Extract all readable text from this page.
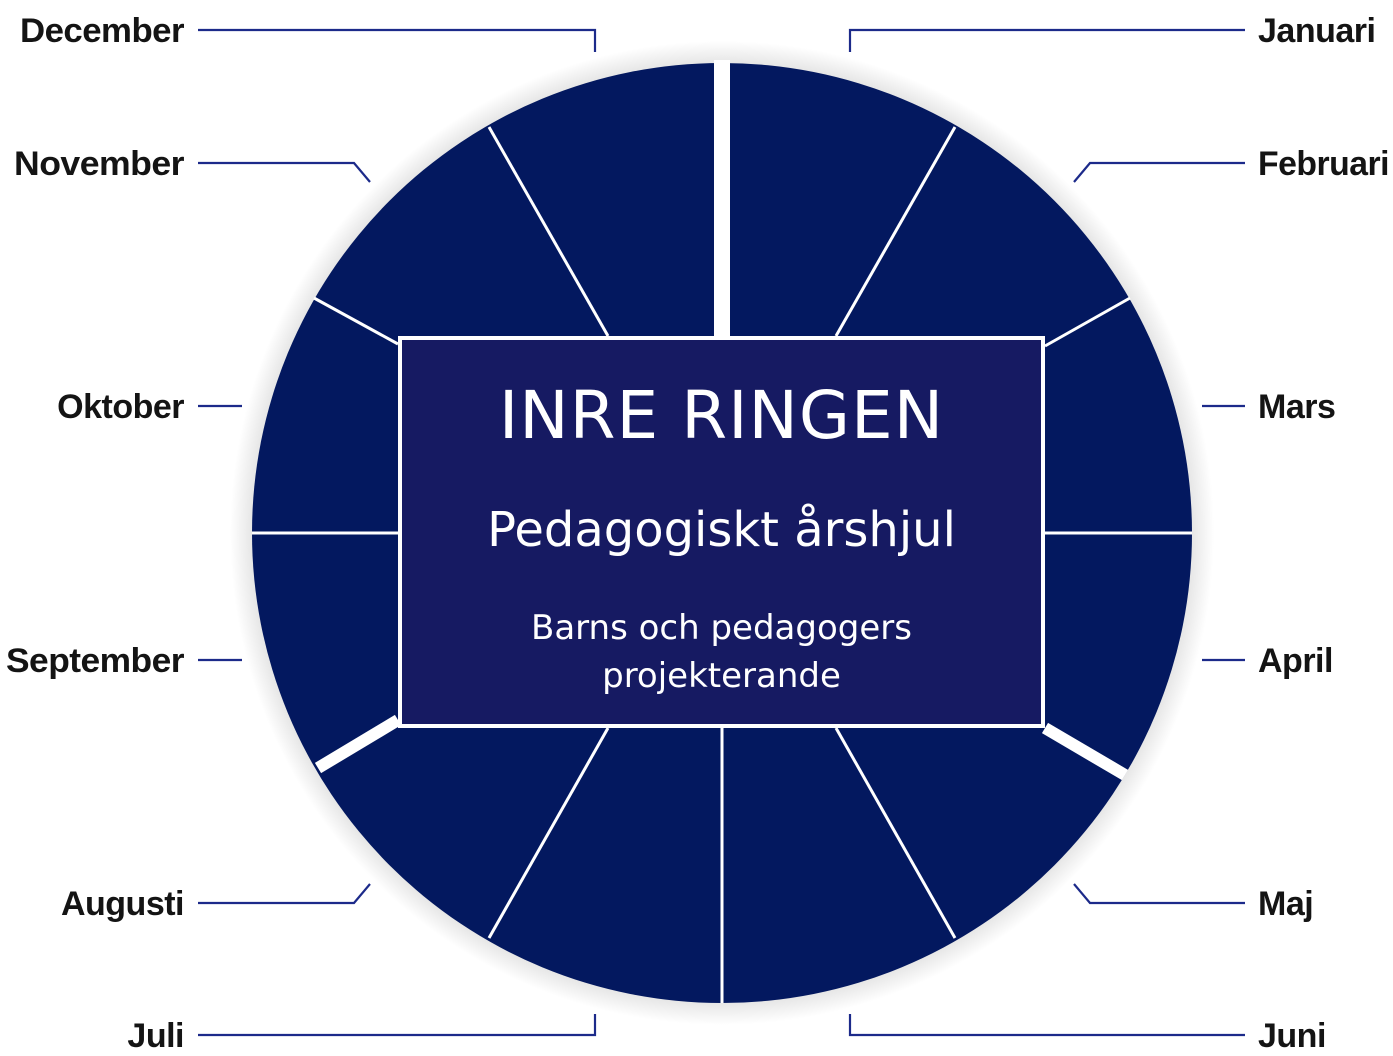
Januari
Februari
Mars
April
Maj
Juni
Juli
Augusti
September
Oktober
November
December
INRE RINGEN
Pedagogiskt årshjul
Barns och pedagogers projekterande
